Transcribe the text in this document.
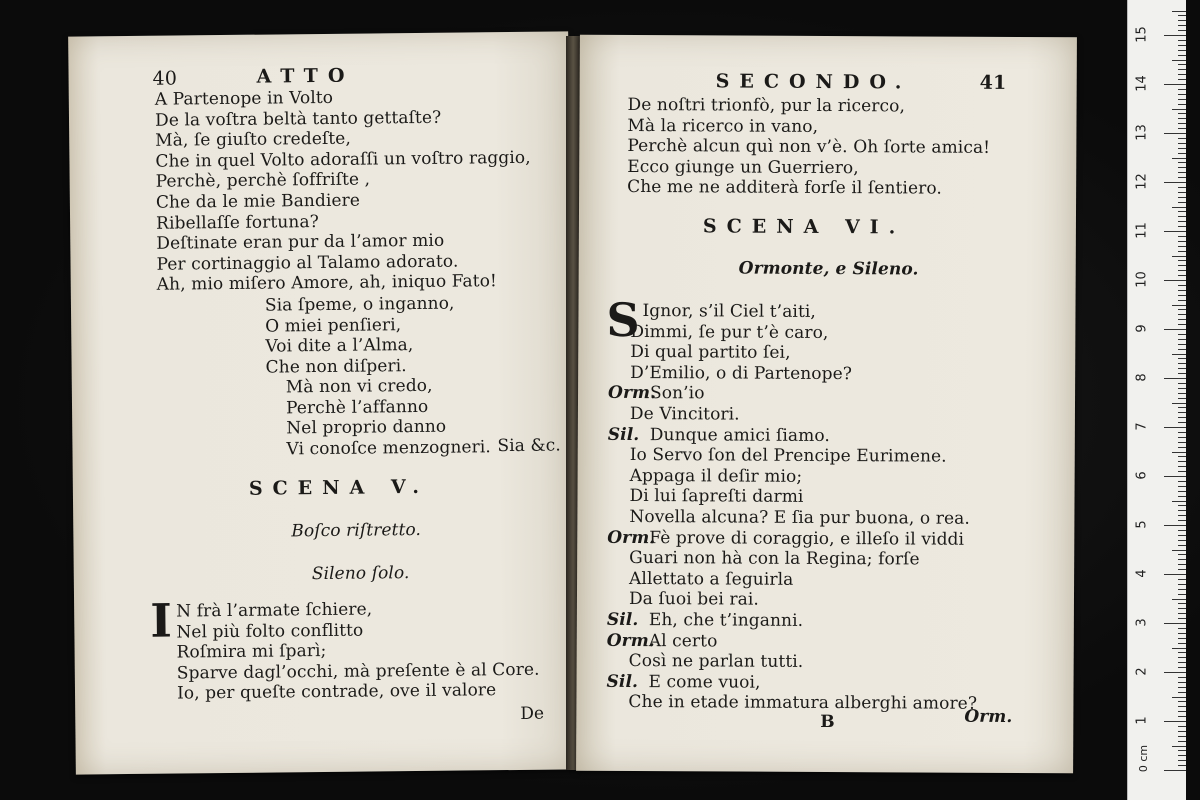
40	ATTO
A Partenope in Volto
De la voſtra beltà tanto gettaſte?
Mà, ſe giuſto credeſte,
Che in quel Volto adoraſſi un voſtro raggio,
Perchè, perchè ſoffriſte ,
Che da le mie Bandiere
Ribellaſſe fortuna?
Deſtinate eran pur da l’amor mio
Per cortinaggio al Talamo adorato.
Ah, mio miſero Amore, ah, iniquo Fato!
Sia ſpeme, o inganno,
O miei penſieri,
Voi dite a l’Alma,
Che non diſperi.
Mà non vi credo,
Perchè l’affanno
Nel proprio danno
Vi conoſce menzogneri. Sia &c.
SCENA V.
Boſco riſtretto.
Sileno ſolo.
I N frà l’armate ſchiere,
Nel più folto conflitto
Roſmira mi ſparì;
Sparve dagl’occhi, mà preſente è al Core.
Io, per queſte contrade, ove il valore
De
SECONDO.	41
De noſtri trionfò, pur la ricerco,
Mà la ricerco in vano,
Perchè alcun quì non v’è. Oh ſorte amica!
Ecco giunge un Guerriero,
Che me ne additerà forſe il ſentiero.
SCENA VI.
Ormonte, e Sileno.
S Ignor, s’il Ciel t’aiti,
Dimmi, ſe pur t’è caro,
Di qual partito ſei,
D’Emilio, o di Partenope?
Orm.
Son’io
De Vincitori.
Sil. Dunque amici ſiamo.
Io Servo ſon del Prencipe Eurimene.
Appaga il deſir mio;
Di lui ſapreſti darmi
Novella alcuna? E ſia pur buona, o rea.
Orm.
Fè prove di coraggio, e illeſo il viddi
Guari non hà con la Regina; forſe
Allettato a ſeguirla
Da ſuoi bei rai.
Sil. Eh, che t’inganni.
Orm.
Al certo
Così ne parlan tutti.
Sil. E come vuoi,
Che in etade immatura alberghi amore?
B	Orm.
0 cm
1
2
3
4
5
6
7
8
9
10
11
12
13
14
15
